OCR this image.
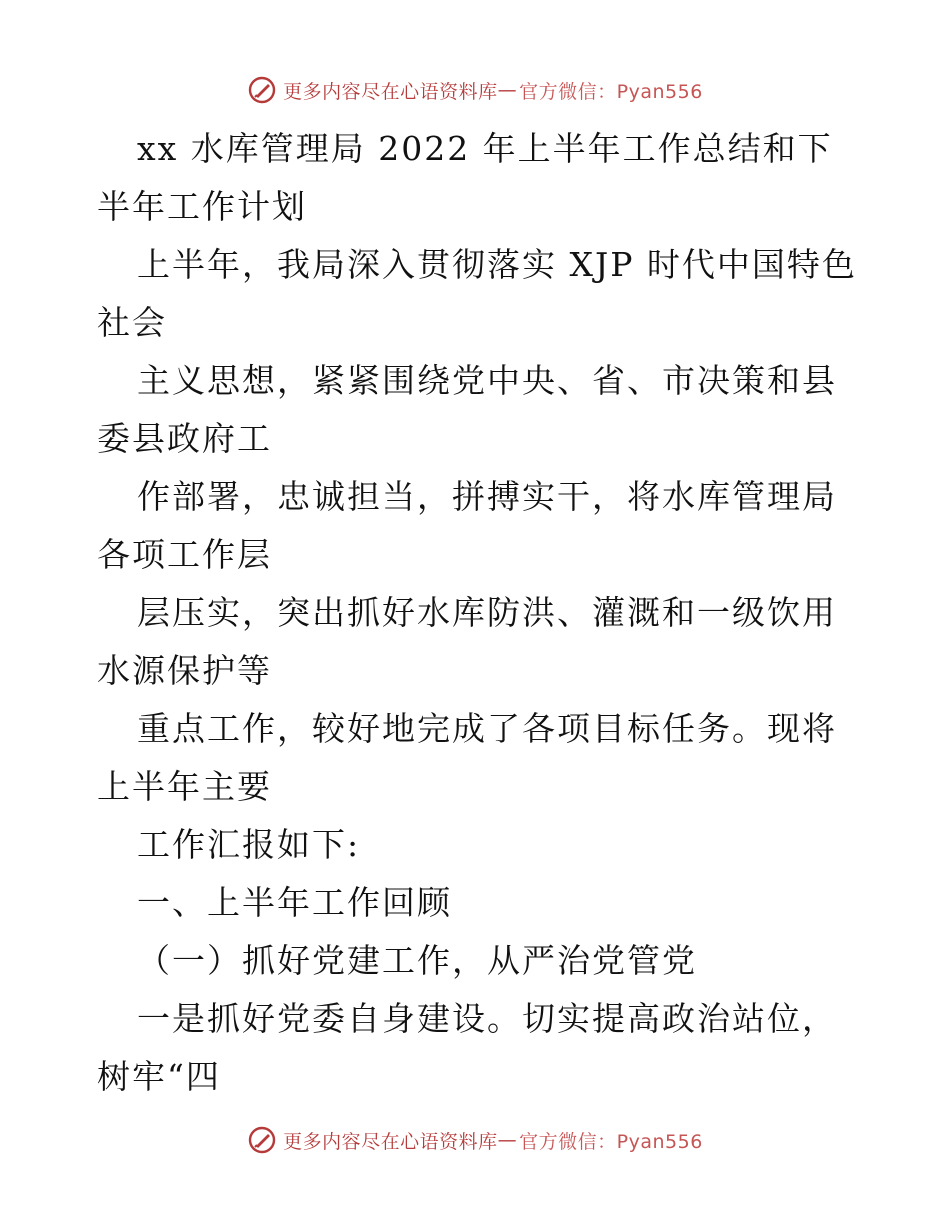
更多内容尽在心语资料库 — 官方微信：Pyan556

xx 水库管理局 2022 年上半年工作总结和下半年工作计划

上半年，我局深入贯彻落实 XJP 时代中国特色社会

主义思想，紧紧围绕党中央、省、市决策和县委县政府工

作部署，忠诚担当，拼搏实干，将水库管理局各项工作层

层压实，突出抓好水库防洪、灌溉和一级饮用水源保护等

重点工作，较好地完成了各项目标任务。现将上半年主要

工作汇报如下:

一、上半年工作回顾

（一）抓好党建工作，从严治党管党

一是抓好党委自身建设。切实提高政治站位，树牢“四

更多内容尽在心语资料库 — 官方微信：Pyan556
